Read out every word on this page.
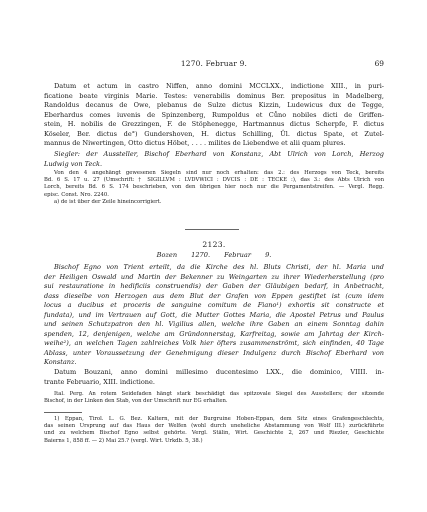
1270. Februar 9.	69
Datum et actum in castro Niffen, anno domini MCCLXX., indictione XIII., in puri-
ficatione beate virginis Marie. Testes: venerabilis dominus Ber. prepositus in Madelberg,
Randoldus decanus de Owe, plebanus de Sulze dictus Kizzin, Ludewicus dux de Tegge,
Eberhardus comes iuvenis de Spinzenberg, Rumpoldus et Cůno nobiles dicti de Griffen-
stein, H. nobilis de Grezzingen, F. de Stöphenegge, Hartmannus dictus Scherpfe, F. dictus
Köseler, Ber. dictus de°) Gundershoven, H. dictus Schilling, Ûl. dictus Spate, et Zutel-
mannus de Niwertingen, Otto dictus Höbet, . . . . milites de Liebendwe et alii quam plures.
Siegler: der Aussteller, Bischof Eberhard von Konstanz, Abt Ulrich von Lorch, Herzog
Ludwig von Teck.
Von den 4 angehängt gewesenen Siegeln sind nur noch erhalten: das 2.: des Herzogs von Teck, bereits
Bd. 6 S. 17 u. 27 (Umschrift: † SIGILLVM : LVDVWICI : DVCIS : DE : TECKE :), das 3.: des Abts Ulrich von
Lorch, bereits Bd. 6 S. 174 beschrieben, von den übrigen hier noch nur die Pergamentstreifen. — Vergl. Regg.
episc. Const. Nro. 2240.
a) de ist über der Zeile hineincorrigiert.
2123.
Bozen 1270. Februar 9.
Bischof Egno von Trient erteilt, da die Kirche des hl. Bluts Christi, der hl. Maria und
der Heiligen Oswald und Martin der Bekenner zu Weingarten zu ihrer Wiederherstellung (pro
sui restauratione in hedificiis construendis) der Gaben der Gläubigen bedarf, in Anbetracht,
dass dieselbe von Herzogen aus dem Blut der Grafen von Eppen gestiftet ist (cum idem
locus a ducibus et proceris de sanguine comitum de Fiano¹) exhortis sit constructe et
fundata), und im Vertrauen auf Gott, die Mutter Gottes Maria, die Apostel Petrus und Paulus
und seinen Schutzpatron den hl. Vigilius allen, welche ihre Gaben an einem Sonntag dahin
spenden, 12, denjenigen, welche am Gründonnerstag, Karfreitag, sowie am Jahrtag der Kirch-
weihe²), an welchen Tagen zahlreiches Volk hier öfters zusammenströmt, sich einfinden, 40 Tage
Ablass, unter Voraussetzung der Genehmigung dieser Indulgenz durch Bischof Eberhard von
Konstanz.
Datum Bouzani, anno domini millesimo ducentesimo LXX., die dominico, VIIII. in-
trante Februario, XIII. indictione.
Ital. Perg. An rotem Seidefaden hängt stark beschädigt das spitzovale Siegel des Ausstellers; der sitzende
Bischof, in der Linken den Stab, von der Umschrift nur EG erhalten.
1) Eppan, Tirol. L. G. Bez. Kaltern, mit der Burgruine Hoben-Eppan, dem Sitz eines Grafengeschlechts,
das seinen Ursprung auf das Haus der Welfen (wohl durch uneheliche Abstammung von Wolf III.) zurückführte
und zu welchem Bischof Egno selbst gehörte. Vergl. Stälin, Wirt. Geschichte 2, 267 und Riezler, Geschichte
Baierns 1, 858 ff. — 2) Mai 25.? (vergl. Wirt. Urkdb. 5, 38.)
